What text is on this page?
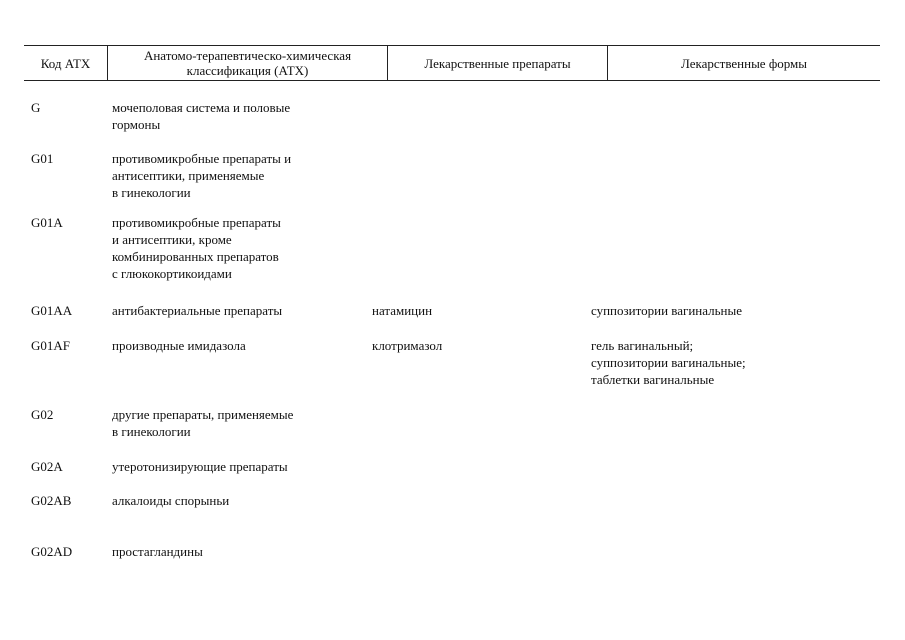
Код АТХ	Анатомо-терапевтическо-химическая
классификация (АТХ)	Лекарственные препараты	Лекарственные формы
G	мочеполовая система и половые
гормоны
G01	противомикробные препараты и
антисептики, применяемые
в гинекологии
G01A	противомикробные препараты
и антисептики, кроме
комбинированных препаратов
с глюкокортикоидами
G01AA	антибактериальные препараты	натамицин	суппозитории вагинальные
G01AF	производные имидазола	клотримазол	гель вагинальный;
суппозитории вагинальные;
таблетки вагинальные
G02	другие препараты, применяемые
в гинекологии
G02A	утеротонизирующие препараты
G02AB	алкалоиды спорыньи
G02AD	простагландины
